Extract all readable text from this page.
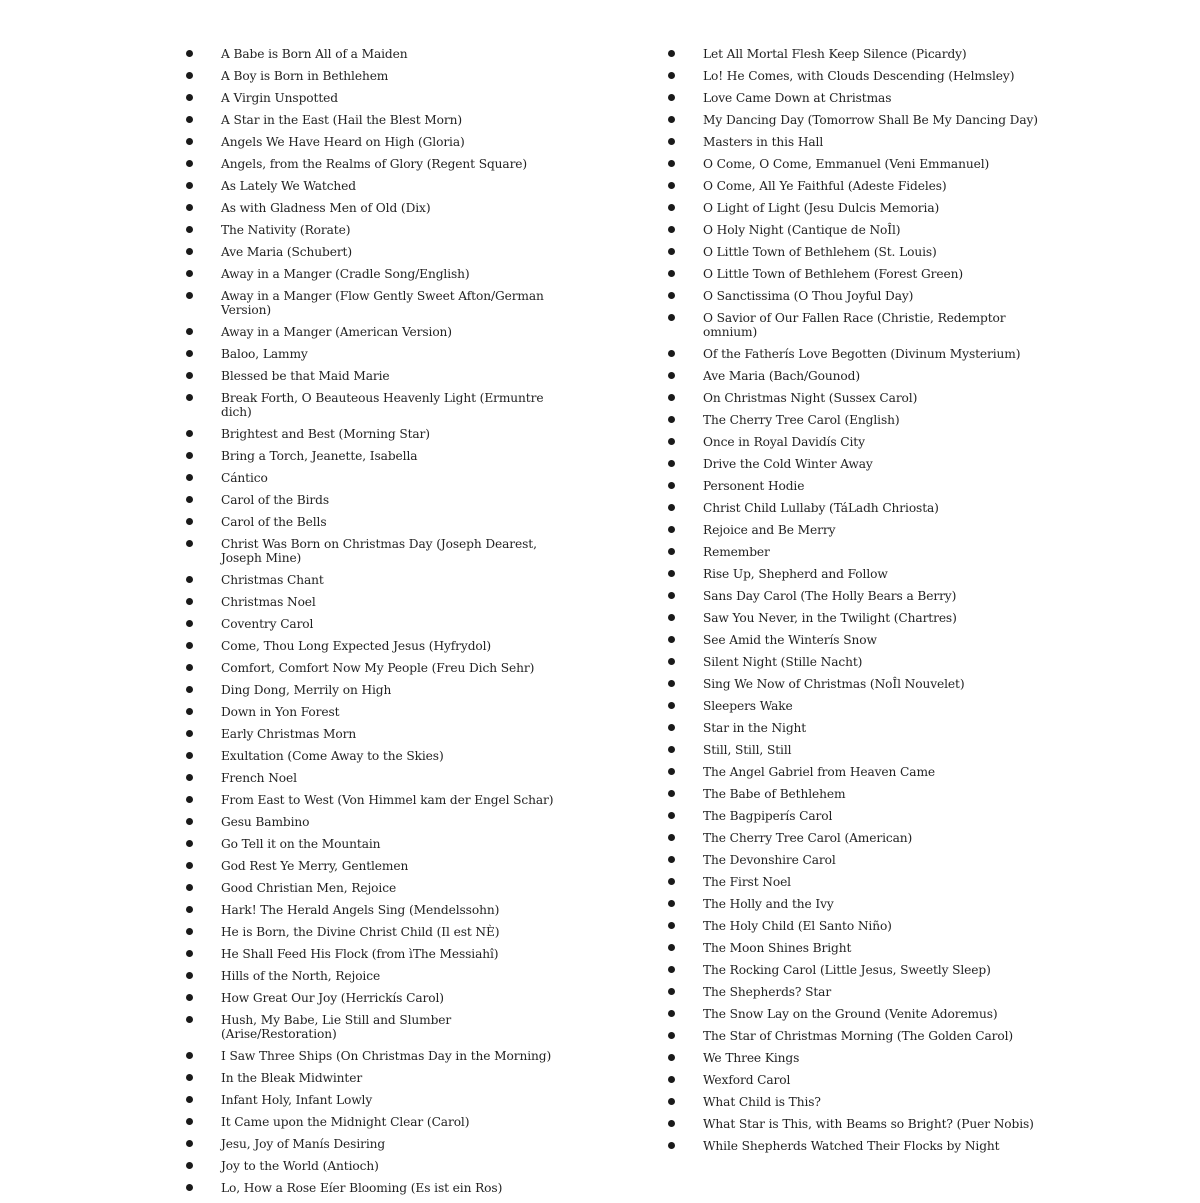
A Babe is Born All of a Maiden
A Boy is Born in Bethlehem
A Virgin Unspotted
A Star in the East (Hail the Blest Morn)
Angels We Have Heard on High (Gloria)
Angels, from the Realms of Glory (Regent Square)
As Lately We Watched
As with Gladness Men of Old (Dix)
The Nativity (Rorate)
Ave Maria (Schubert)
Away in a Manger (Cradle Song/English)
Away in a Manger (Flow Gently Sweet Afton/German Version)
Away in a Manger (American Version)
Baloo, Lammy
Blessed be that Maid Marie
Break Forth, O Beauteous Heavenly Light (Ermuntre dich)
Brightest and Best (Morning Star)
Bring a Torch, Jeanette, Isabella
Cántico
Carol of the Birds
Carol of the Bells
Christ Was Born on Christmas Day (Joseph Dearest, Joseph Mine)
Christmas Chant
Christmas Noel
Coventry Carol
Come, Thou Long Expected Jesus (Hyfrydol)
Comfort, Comfort Now My People (Freu Dich Sehr)
Ding Dong, Merrily on High
Down in Yon Forest
Early Christmas Morn
Exultation (Come Away to the Skies)
French Noel
From East to West (Von Himmel kam der Engel Schar)
Gesu Bambino
Go Tell it on the Mountain
God Rest Ye Merry, Gentlemen
Good Christian Men, Rejoice
Hark! The Herald Angels Sing (Mendelssohn)
He is Born, the Divine Christ Child (Il est NÈ)
He Shall Feed His Flock (from ìThe Messiahî)
Hills of the North, Rejoice
How Great Our Joy (Herrickís Carol)
Hush, My Babe, Lie Still and Slumber (Arise/Restoration)
I Saw Three Ships (On Christmas Day in the Morning)
In the Bleak Midwinter
Infant Holy, Infant Lowly
It Came upon the Midnight Clear (Carol)
Jesu, Joy of Manís Desiring
Joy to the World (Antioch)
Lo, How a Rose Eíer Blooming (Es ist ein Ros)
Let All Mortal Flesh Keep Silence (Picardy)
Lo! He Comes, with Clouds Descending (Helmsley)
Love Came Down at Christmas
My Dancing Day (Tomorrow Shall Be My Dancing Day)
Masters in this Hall
O Come, O Come, Emmanuel (Veni Emmanuel)
O Come, All Ye Faithful (Adeste Fideles)
O Light of Light (Jesu Dulcis Memoria)
O Holy Night (Cantique de NoÎl)
O Little Town of Bethlehem (St. Louis)
O Little Town of Bethlehem (Forest Green)
O Sanctissima (O Thou Joyful Day)
O Savior of Our Fallen Race (Christie, Redemptor omnium)
Of the Fatherís Love Begotten (Divinum Mysterium)
Ave Maria (Bach/Gounod)
On Christmas Night (Sussex Carol)
The Cherry Tree Carol (English)
Once in Royal Davidís City
Drive the Cold Winter Away
Personent Hodie
Christ Child Lullaby (TáLadh Chriosta)
Rejoice and Be Merry
Remember
Rise Up, Shepherd and Follow
Sans Day Carol (The Holly Bears a Berry)
Saw You Never, in the Twilight (Chartres)
See Amid the Winterís Snow
Silent Night (Stille Nacht)
Sing We Now of Christmas (NoÎl Nouvelet)
Sleepers Wake
Star in the Night
Still, Still, Still
The Angel Gabriel from Heaven Came
The Babe of Bethlehem
The Bagpiperís Carol
The Cherry Tree Carol (American)
The Devonshire Carol
The First Noel
The Holly and the Ivy
The Holy Child (El Santo Niño)
The Moon Shines Bright
The Rocking Carol (Little Jesus, Sweetly Sleep)
The Shepherds? Star
The Snow Lay on the Ground (Venite Adoremus)
The Star of Christmas Morning (The Golden Carol)
We Three Kings
Wexford Carol
What Child is This?
What Star is This, with Beams so Bright? (Puer Nobis)
While Shepherds Watched Their Flocks by Night
